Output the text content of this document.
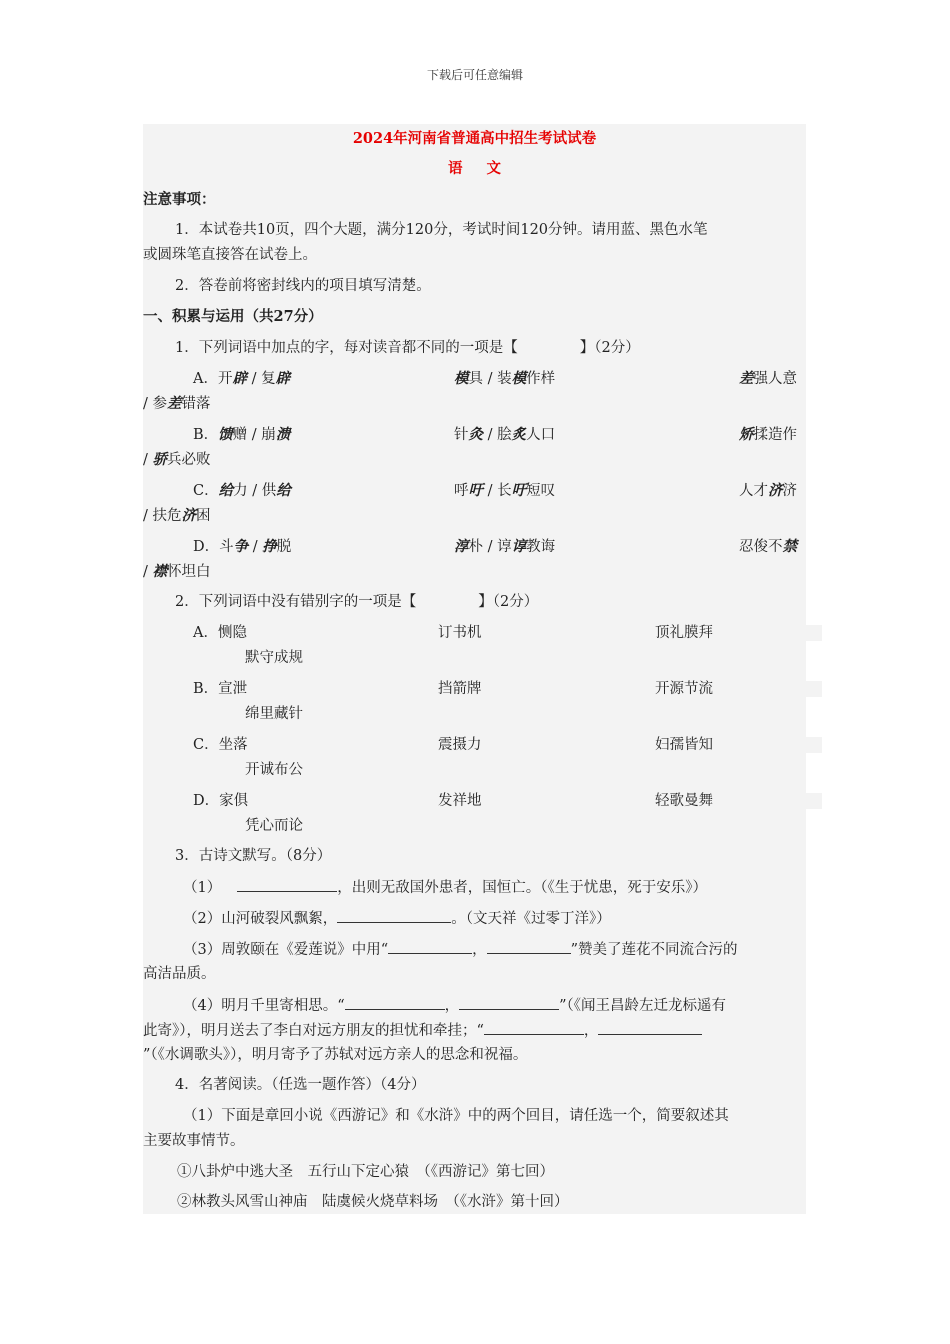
下载后可任意编辑
2024年河南省普通高中招生考试试卷
语文
注意事项：
1．本试卷共10页，四个大题，满分120分，考试时间120分钟。请用蓝、黑色水笔
或圆珠笔直接答在试卷上。
2．答卷前将密封线内的项目填写清楚。
一、积累与运用（共27分）
1．下列词语中加点的字，每对读音都不同的一项是【	】（2分）
A．开辟 / 复辟	模具 / 装模作样	差强人意
/ 参差错落
B．馈赠 / 崩溃	针灸 / 脍炙人口	矫揉造作
/ 骄兵必败
C．给力 / 供给	呼吁 / 长吁短叹	人才济济
/ 扶危济困
D．斗争 / 挣脱	淳朴 / 谆谆教诲	忍俊不禁
/ 襟怀坦白
2．下列词语中没有错别字的一项是【	】（2分）
A．恻隐	订书机	顶礼膜拜
默守成规
B．宣泄	挡箭牌	开源节流
绵里藏针
C．坐落	震摄力	妇孺皆知
开诚布公
D．家俱	发祥地	轻歌曼舞
凭心而论
3．古诗文默写。（8分）
（1）	，出则无敌国外患者，国恒亡。（《生于忧患，死于安乐》）
（2）山河破裂风飘絮，	。（文天祥《过零丁洋》）
（3）周敦颐在《爱莲说》中用“	，	”赞美了莲花不同流合污的
高洁品质。
（4）明月千里寄相思。“	，	”（《闻王昌龄左迁龙标遥有
此寄》），明月送去了李白对远方朋友的担忧和牵挂；“	，
”（《水调歌头》），明月寄予了苏轼对远方亲人的思念和祝福。
4．名著阅读。（任选一题作答）（4分）
（1）下面是章回小说《西游记》和《水浒》中的两个回目，请任选一个，简要叙述其
主要故事情节。
①八卦炉中逃大圣　五行山下定心猿　（《西游记》第七回）
②林教头风雪山神庙　陆虞候火烧草料场　（《水浒》第十回）
